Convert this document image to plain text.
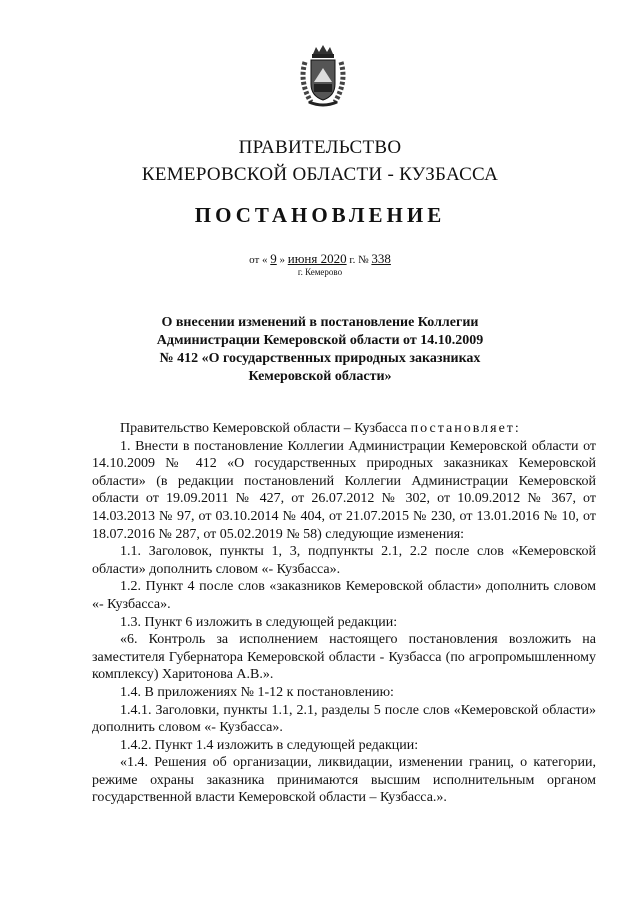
ПРАВИТЕЛЬСТВО
КЕМЕРОВСКОЙ ОБЛАСТИ - КУЗБАССА
ПОСТАНОВЛЕНИЕ
от « 9 » июня 2020 г. № 338
г. Кемерово
О внесении изменений в постановление Коллегии
Администрации Кемеровской области от 14.10.2009
№ 412 «О государственных природных заказниках
Кемеровской области»

Правительство Кемеровской области – Кузбасса постановляет:

1. Внести в постановление Коллегии Администрации Кемеровской области от 14.10.2009 № 412 «О государственных природных заказниках Кемеровской области» (в редакции постановлений Коллегии Администрации Кемеровской области от 19.09.2011 № 427, от 26.07.2012 № 302, от 10.09.2012 № 367, от 14.03.2013 № 97, от 03.10.2014 № 404, от 21.07.2015 № 230, от 13.01.2016 № 10, от 18.07.2016 № 287, от 05.02.2019 № 58) следующие изменения:

1.1. Заголовок, пункты 1, 3, подпункты 2.1, 2.2 после слов «Кемеровской области» дополнить словом «- Кузбасса».

1.2. Пункт 4 после слов «заказников Кемеровской области» дополнить словом «- Кузбасса».

1.3. Пункт 6 изложить в следующей редакции:

«6. Контроль за исполнением настоящего постановления возложить на заместителя Губернатора Кемеровской области - Кузбасса (по агропромышленному комплексу) Харитонова А.В.».

1.4. В приложениях № 1-12 к постановлению:

1.4.1. Заголовки, пункты 1.1, 2.1, разделы 5 после слов «Кемеровской области» дополнить словом «- Кузбасса».

1.4.2. Пункт 1.4 изложить в следующей редакции:

«1.4. Решения об организации, ликвидации, изменении границ, о категории, режиме охраны заказника принимаются высшим исполнительным органом государственной власти Кемеровской области – Кузбасса.».
